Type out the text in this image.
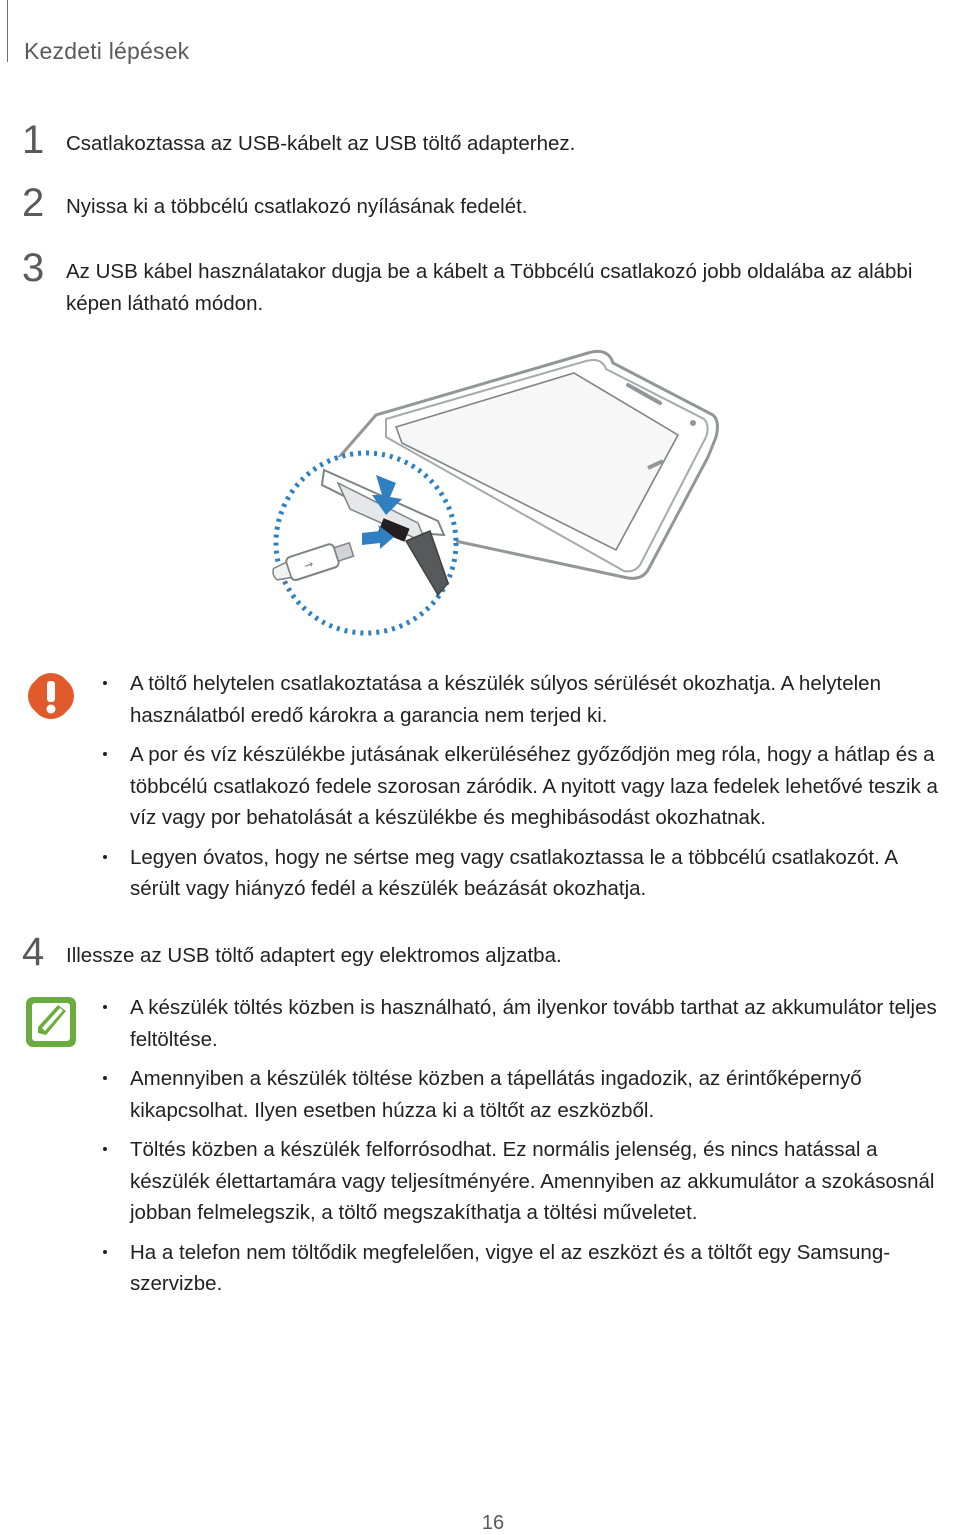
Kezdeti lépések
1 Csatlakoztassa az USB-kábelt az USB töltő adapterhez.
2 Nyissa ki a többcélú csatlakozó nyílásának fedelét.
3 Az USB kábel használatakor dugja be a kábelt a Többcélú csatlakozó jobb oldalába az alábbi képen látható módon.
⇝
A töltő helytelen csatlakoztatása a készülék súlyos sérülését okozhatja. A helytelen használatból eredő károkra a garancia nem terjed ki.
A por és víz készülékbe jutásának elkerüléséhez győződjön meg róla, hogy a hátlap és a többcélú csatlakozó fedele szorosan záródik. A nyitott vagy laza fedelek lehetővé teszik a víz vagy por behatolását a készülékbe és meghibásodást okozhatnak.
Legyen óvatos, hogy ne sértse meg vagy csatlakoztassa le a többcélú csatlakozót. A sérült vagy hiányzó fedél a készülék beázását okozhatja.
4 Illessze az USB töltő adaptert egy elektromos aljzatba.
A készülék töltés közben is használható, ám ilyenkor tovább tarthat az akkumulátor teljes feltöltése.
Amennyiben a készülék töltése közben a tápellátás ingadozik, az érintőképernyő kikapcsolhat. Ilyen esetben húzza ki a töltőt az eszközből.
Töltés közben a készülék felforrósodhat. Ez normális jelenség, és nincs hatással a készülék élettartamára vagy teljesítményére. Amennyiben az akkumulátor a szokásosnál jobban felmelegszik, a töltő megszakíthatja a töltési műveletet.
Ha a telefon nem töltődik megfelelően, vigye el az eszközt és a töltőt egy Samsung-szervizbe.
16
